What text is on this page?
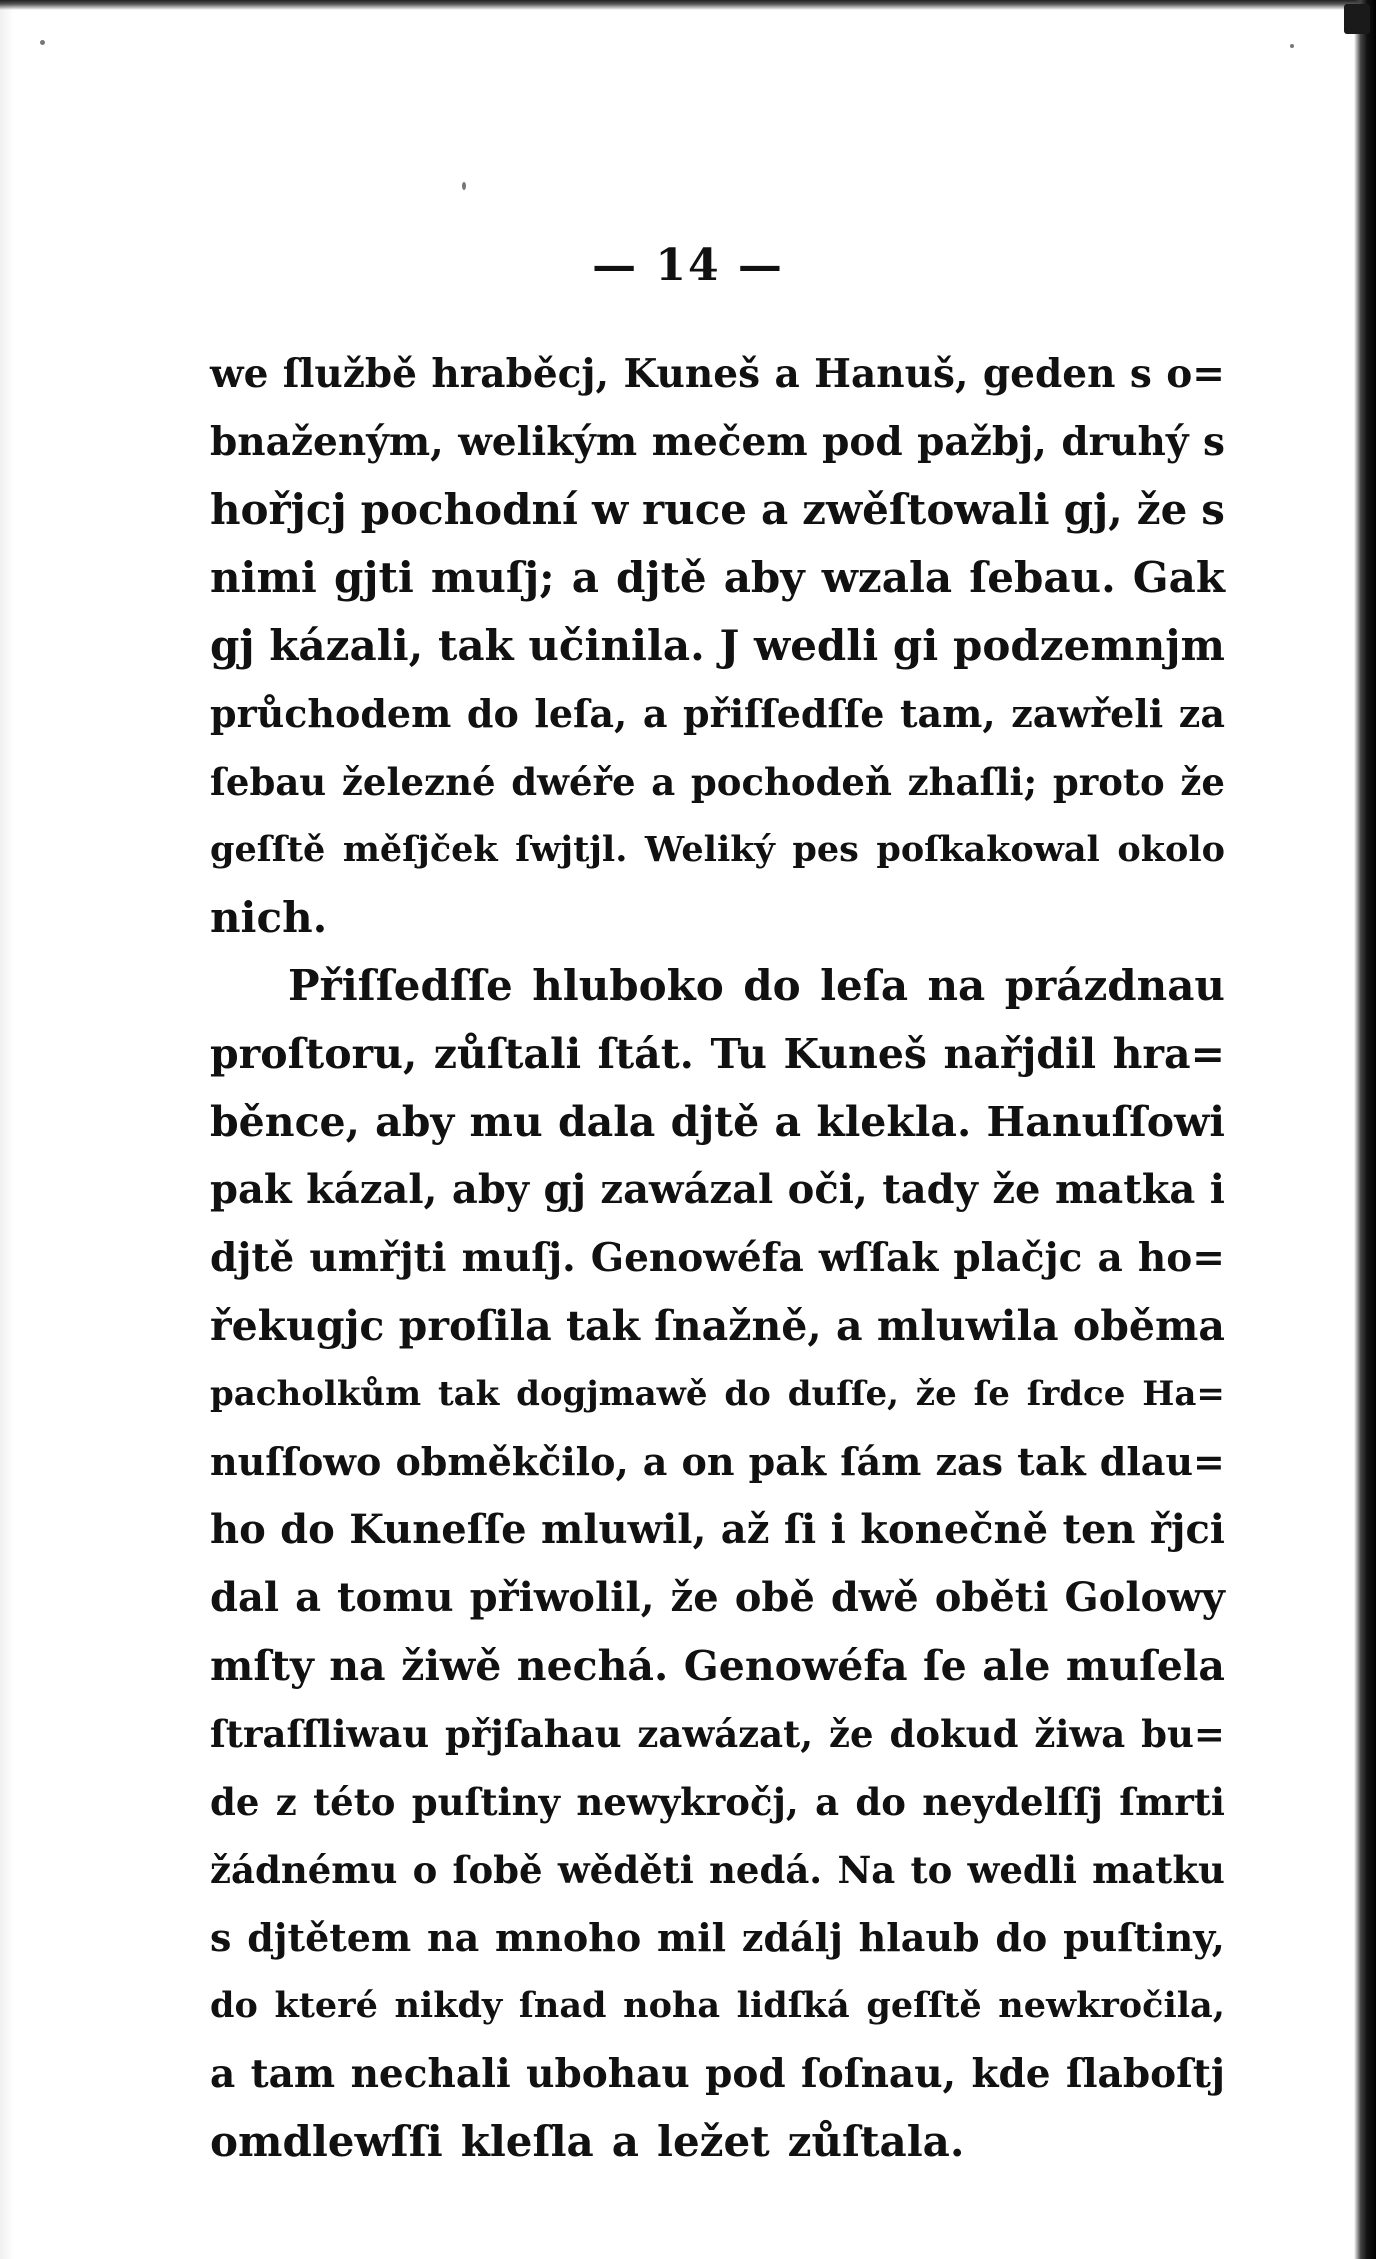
— 14 —
we ſlužbě hraběcj, Kuneš a Hanuš, geden s o=
bnaženým, welikým mečem pod pažbj, druhý s
hořjcj pochodní w ruce a zwěſtowali gj, že s
nimi gjti muſj; a djtě aby wzala ſebau. Gak
gj kázali, tak učinila. J wedli gi podzemnjm
průchodem do leſa, a přiſſedſſe tam, zawřeli za
ſebau železné dwéře a pochodeň zhaſli; proto že
geſſtě měſjček ſwjtjl. Weliký pes poſkakowal okolo
nich.
Přiſſedſſe hluboko do leſa na prázdnau
proſtoru, zůſtali ſtát. Tu Kuneš nařjdil hra=
běnce, aby mu dala djtě a klekla. Hanuſſowi
pak kázal, aby gj zawázal oči, tady že matka i
djtě umřjti muſj. Genowéfa wſſak plačjc a ho=
řekugjc proſila tak ſnažně, a mluwila oběma
pacholkům tak dogjmawě do duſſe, že ſe ſrdce Ha=
nuſſowo obměkčilo, a on pak ſám zas tak dlau=
ho do Kuneſſe mluwil, až ſi i konečně ten řjci
dal a tomu přiwolil, že obě dwě oběti Golowy
mſty na žiwě nechá. Genowéfa ſe ale muſela
ſtraſſliwau přjſahau zawázat, že dokud žiwa bu=
de z této puſtiny newykročj, a do neydelſſj ſmrti
žádnému o ſobě wěděti nedá. Na to wedli matku
s djtětem na mnoho mil zdálj hlaub do puſtiny,
do které nikdy ſnad noha lidſká geſſtě newkročila,
a tam nechali ubohau pod ſoſnau, kde ſlaboſtj
omdlewſſi kleſla a ležet zůſtala.
